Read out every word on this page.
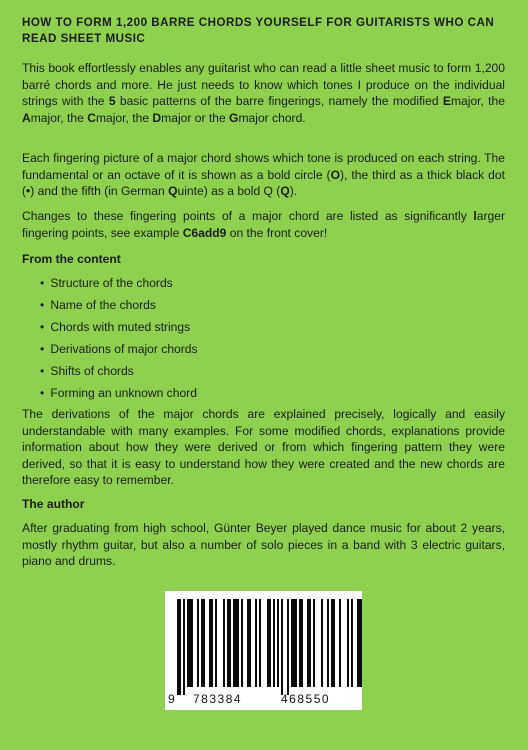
HOW TO FORM 1,200 BARRE CHORDS YOURSELF FOR GUITARISTS WHO CAN READ SHEET MUSIC

This book effortlessly enables any guitarist who can read a little sheet music to form 1,200 barré chords and more. He just needs to know which tones I produce on the individual strings with the 5 basic patterns of the barre fingerings, namely the modified Emajor, the Amajor, the Cmajor, the Dmajor or the Gmajor chord.

Each fingering picture of a major chord shows which tone is produced on each string. The fundamental or an octave of it is shown as a bold circle (O), the third as a thick black dot (•) and the fifth (in German Quinte) as a bold Q (Q).

Changes to these fingering points of a major chord are listed as significantly larger fingering points, see example C6add9 on the front cover!

From the content
• Structure of the chords
• Name of the chords
• Chords with muted strings
• Derivations of major chords
• Shifts of chords
• Forming an unknown chord

The derivations of the major chords are explained precisely, logically and easily understandable with many examples. For some modified chords, explanations provide information about how they were derived or from which fingering pattern they were derived, so that it is easy to understand how they were created and the new chords are therefore easy to remember.

The author

After graduating from high school, Günter Beyer played dance music for about 2 years, mostly rhythm guitar, but also a number of solo pieces in a band with 3 electric guitars, piano and drums.

9 783384	468550
